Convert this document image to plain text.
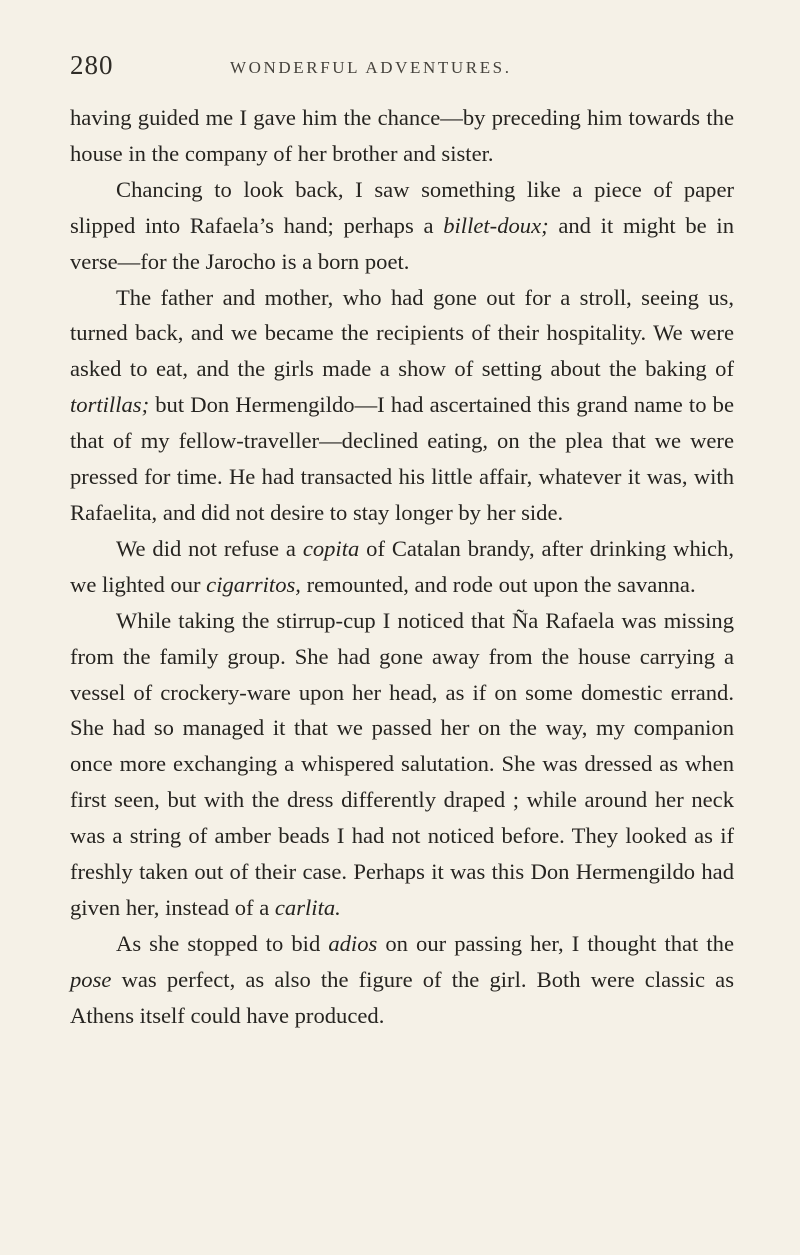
280	WONDERFUL ADVENTURES.

having guided me I gave him the chance—by preceding him towards the house in the company of her brother and sister.

Chancing to look back, I saw something like a piece of paper slipped into Rafaela’s hand; perhaps a billet-doux; and it might be in verse—for the Jarocho is a born poet.

The father and mother, who had gone out for a stroll, seeing us, turned back, and we became the recipients of their hospitality. We were asked to eat, and the girls made a show of setting about the baking of tortillas; but Don Hermengildo—I had ascertained this grand name to be that of my fellow-traveller—declined eating, on the plea that we were pressed for time. He had transacted his little affair, whatever it was, with Rafaelita, and did not desire to stay longer by her side.

We did not refuse a copita of Catalan brandy, after drinking which, we lighted our cigarritos, remounted, and rode out upon the savanna.

While taking the stirrup-cup I noticed that Ña Rafaela was missing from the family group. She had gone away from the house carrying a vessel of crockery-ware upon her head, as if on some domestic errand. She had so managed it that we passed her on the way, my companion once more exchanging a whispered salutation. She was dressed as when first seen, but with the dress differently draped ; while around her neck was a string of amber beads I had not noticed before. They looked as if freshly taken out of their case. Perhaps it was this Don Hermengildo had given her, instead of a carlita.

As she stopped to bid adios on our passing her, I thought that the pose was perfect, as also the figure of the girl. Both were classic as Athens itself could have produced.
